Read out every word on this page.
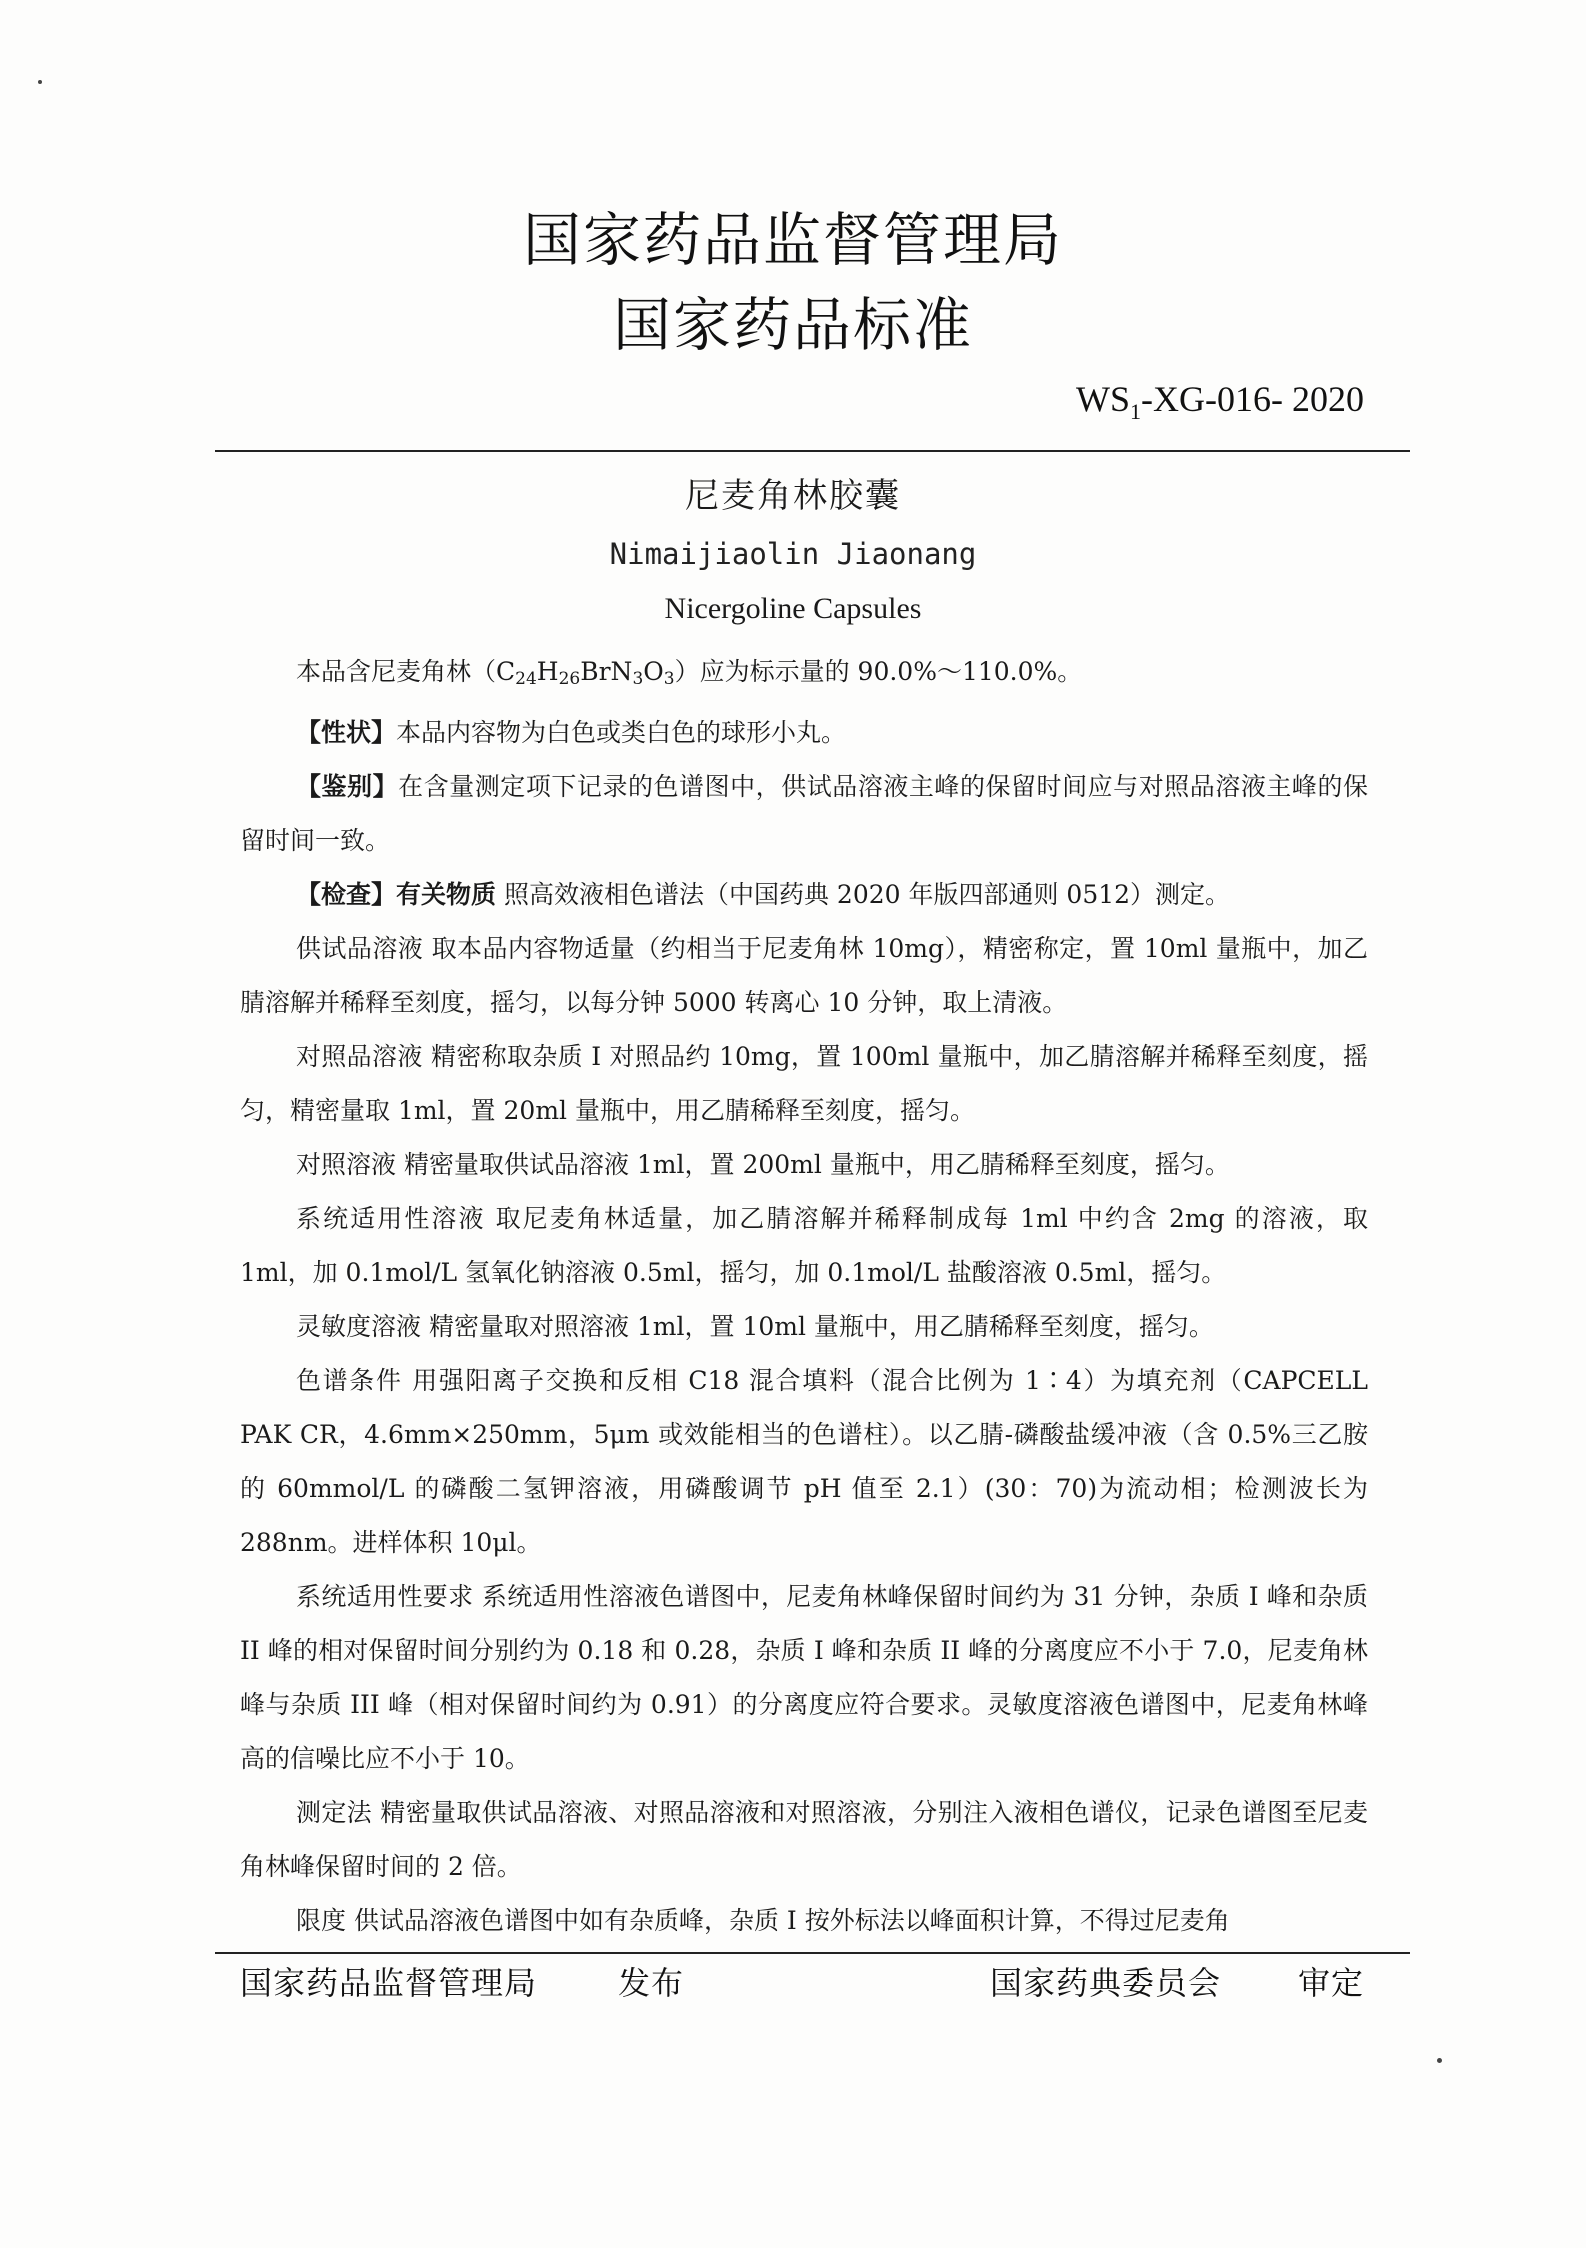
国家药品监督管理局
国家药品标准
$WS_1-XG-016-$ 2020
尼麦角林胶囊
Nimaijiaolin Jiaonang
Nicergoline Capsules

本品含尼麦角林$(C_{24}H_{26}BrN_3O_3)$应为标示量的 90.0%～110.0%。

【性状】本品内容物为白色或类白色的球形小丸。

【鉴别】在含量测定项下记录的色谱图中，供试品溶液主峰的保留时间应与对照品溶液主峰的保留时间一致。

【检查】有关物质 照高效液相色谱法（中国药典 2020 年版四部通则 0512）测定。

供试品溶液 取本品内容物适量（约相当于尼麦角林 10mg），精密称定，置 10ml 量瓶中，加乙腈溶解并稀释至刻度，摇匀，以每分钟 5000 转离心 10 分钟，取上清液。

对照品溶液 精密称取杂质 I 对照品约 10mg，置 100ml 量瓶中，加乙腈溶解并稀释至刻度，摇匀，精密量取 1ml，置 20ml 量瓶中，用乙腈稀释至刻度，摇匀。

对照溶液 精密量取供试品溶液 1ml，置 200ml 量瓶中，用乙腈稀释至刻度，摇匀。

系统适用性溶液 取尼麦角林适量，加乙腈溶解并稀释制成每 1ml 中约含 2mg 的溶液，取 1ml，加 0.1mol/L 氢氧化钠溶液 0.5ml，摇匀，加 0.1mol/L 盐酸溶液 0.5ml，摇匀。

灵敏度溶液 精密量取对照溶液 1ml，置 10ml 量瓶中，用乙腈稀释至刻度，摇匀。

色谱条件 用强阳离子交换和反相 C18 混合填料（混合比例为 1∶4）为填充剂（CAPCELL PAK CR，4.6mm×250mm，5μm 或效能相当的色谱柱）。以乙腈-磷酸盐缓冲液（含 0.5%三乙胺的 60mmol/L 的磷酸二氢钾溶液，用磷酸调节 pH 值至 2.1）(30：70)为流动相；检测波长为 288nm。进样体积 10μl。

系统适用性要求 系统适用性溶液色谱图中，尼麦角林峰保留时间约为 31 分钟，杂质 I 峰和杂质 II 峰的相对保留时间分别约为 0.18 和 0.28，杂质 I 峰和杂质 II 峰的分离度应不小于 7.0，尼麦角林峰与杂质 III 峰（相对保留时间约为 0.91）的分离度应符合要求。灵敏度溶液色谱图中，尼麦角林峰高的信噪比应不小于 10。

测定法 精密量取供试品溶液、对照品溶液和对照溶液，分别注入液相色谱仪，记录色谱图至尼麦角林峰保留时间的 2 倍。

限度 供试品溶液色谱图中如有杂质峰，杂质 I 按外标法以峰面积计算，不得过尼麦角

国家药品监督管理局	发布	国家药典委员会 审定
